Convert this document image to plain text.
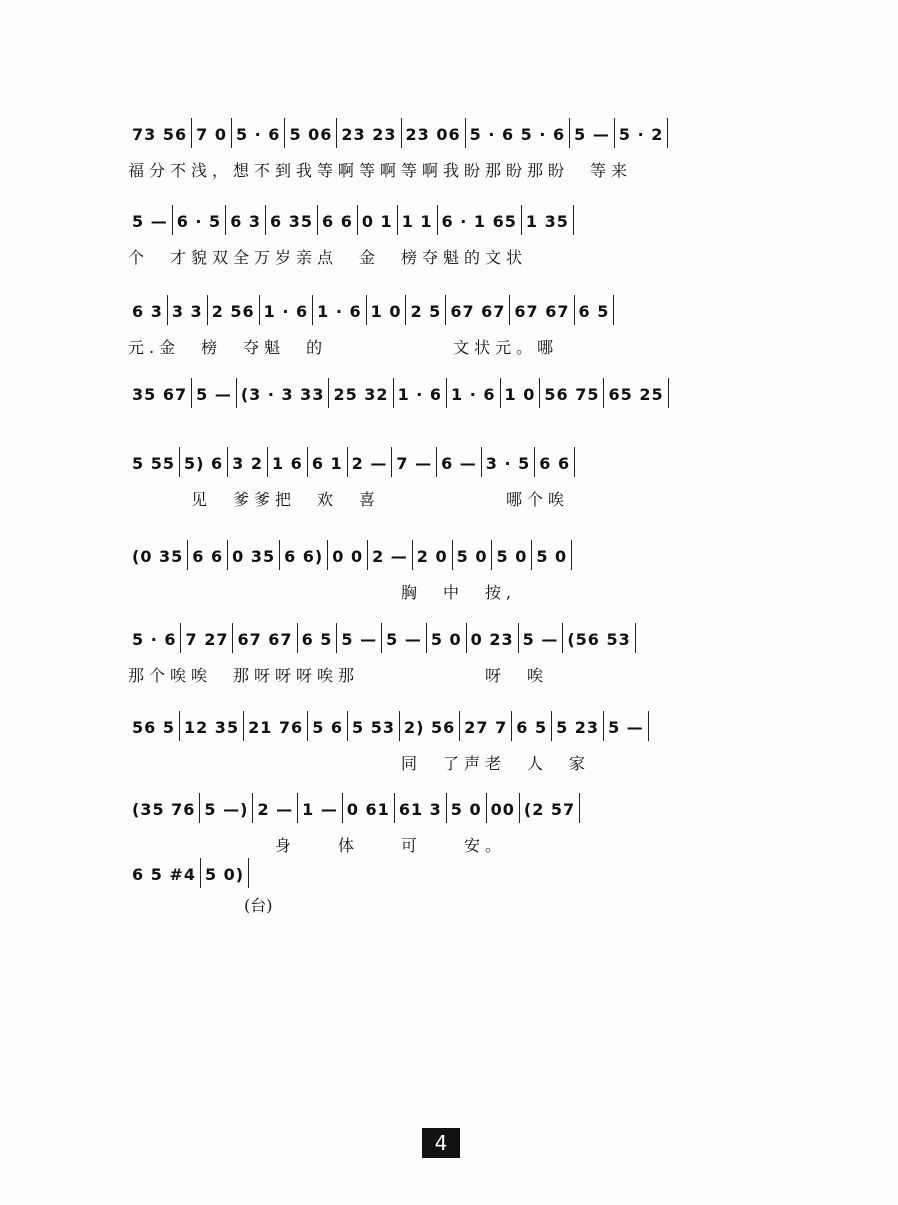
73 56 7 0 5 · 6 5 06 23 23 23 06 5 · 6 5 · 6 5 — 5 · 2
福分不浅，想不到我等啊等啊等啊我盼那盼那盼　等来
5 — 6 · 5 6 3 6 35 6 6 0 1 1 1 6 · 1 65 1 35
个　才貌双全万岁亲点　金　榜夺魁的文状
6 3 3 3 2 56 1 · 6 1 · 6 1 0 2 5 67 67 67 67 6 5
元.金　榜　夺魁　的　　　　　　文状元。哪
35 67 5 — (3 · 3 33 25 32 1 · 6 1 · 6 1 0 56 75 65 25
5 55 5) 6 3 2 1 6 6 1 2 — 7 — 6 — 3 · 5 6 6
　　　见　爹爹把　欢　喜　　　　　　哪个唉
(0 35 6 6 0 35 6 6) 0 0 2 — 2 0 5 0 5 0 5 0
　　　　　　　　　　　　　胸　中　按,
5 · 6 7 27 67 67 6 5 5 — 5 — 5 0 0 23 5 — (56 53
那个唉唉　那呀呀呀唉那　　　　　　呀　唉
56 5 12 35 21 76 5 6 5 53 2) 56 27 7 6 5 5 23 5 —
　　　　　　　　　　　　　同　了声老　人　家
(35 76 5 —) 2 — 1 — 0 61 61 3 5 0 00 (2 57
　　　　　　　身　　体　　可　　安。
6 5 #4 5 0)
(台)
4
